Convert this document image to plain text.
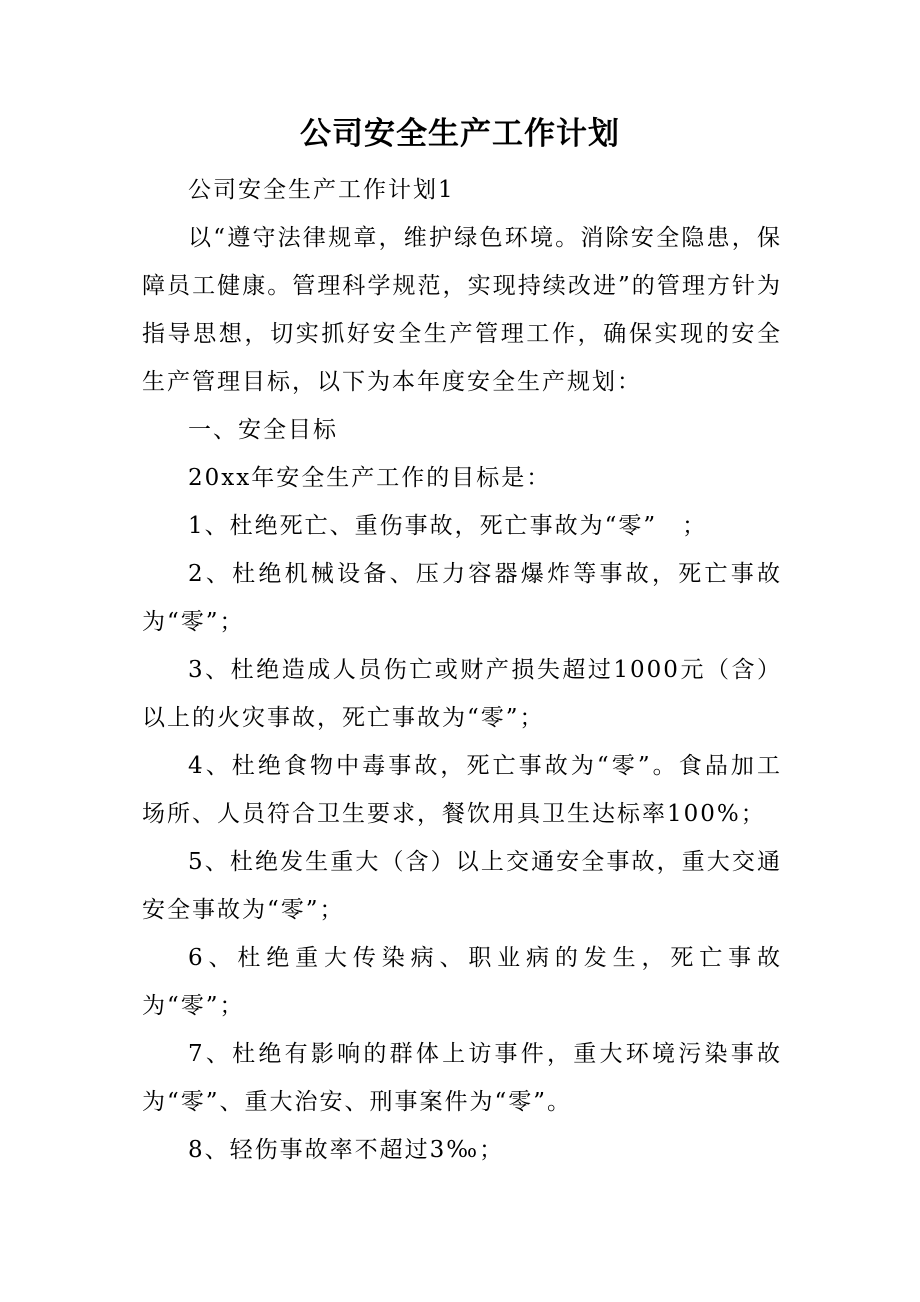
公司安全生产工作计划

公司安全生产工作计划1

以“遵守法律规章，维护绿色环境。消除安全隐患，保障员工健康。管理科学规范，实现持续改进”的管理方针为指导思想，切实抓好安全生产管理工作，确保实现的安全生产管理目标，以下为本年度安全生产规划：

一、安全目标

20xx年安全生产工作的目标是：

1、杜绝死亡、重伤事故，死亡事故为“零”　；

2、杜绝机械设备、压力容器爆炸等事故，死亡事故为“零”；

3、杜绝造成人员伤亡或财产损失超过1000元（含）以上的火灾事故，死亡事故为“零”；

4、杜绝食物中毒事故，死亡事故为“零”。食品加工场所、人员符合卫生要求，餐饮用具卫生达标率100%；

5、杜绝发生重大（含）以上交通安全事故，重大交通安全事故为“零”；

6、杜绝重大传染病、职业病的发生，死亡事故为“零”；

7、杜绝有影响的群体上访事件，重大环境污染事故为“零”、重大治安、刑事案件为“零”。

8、轻伤事故率不超过3‰；
